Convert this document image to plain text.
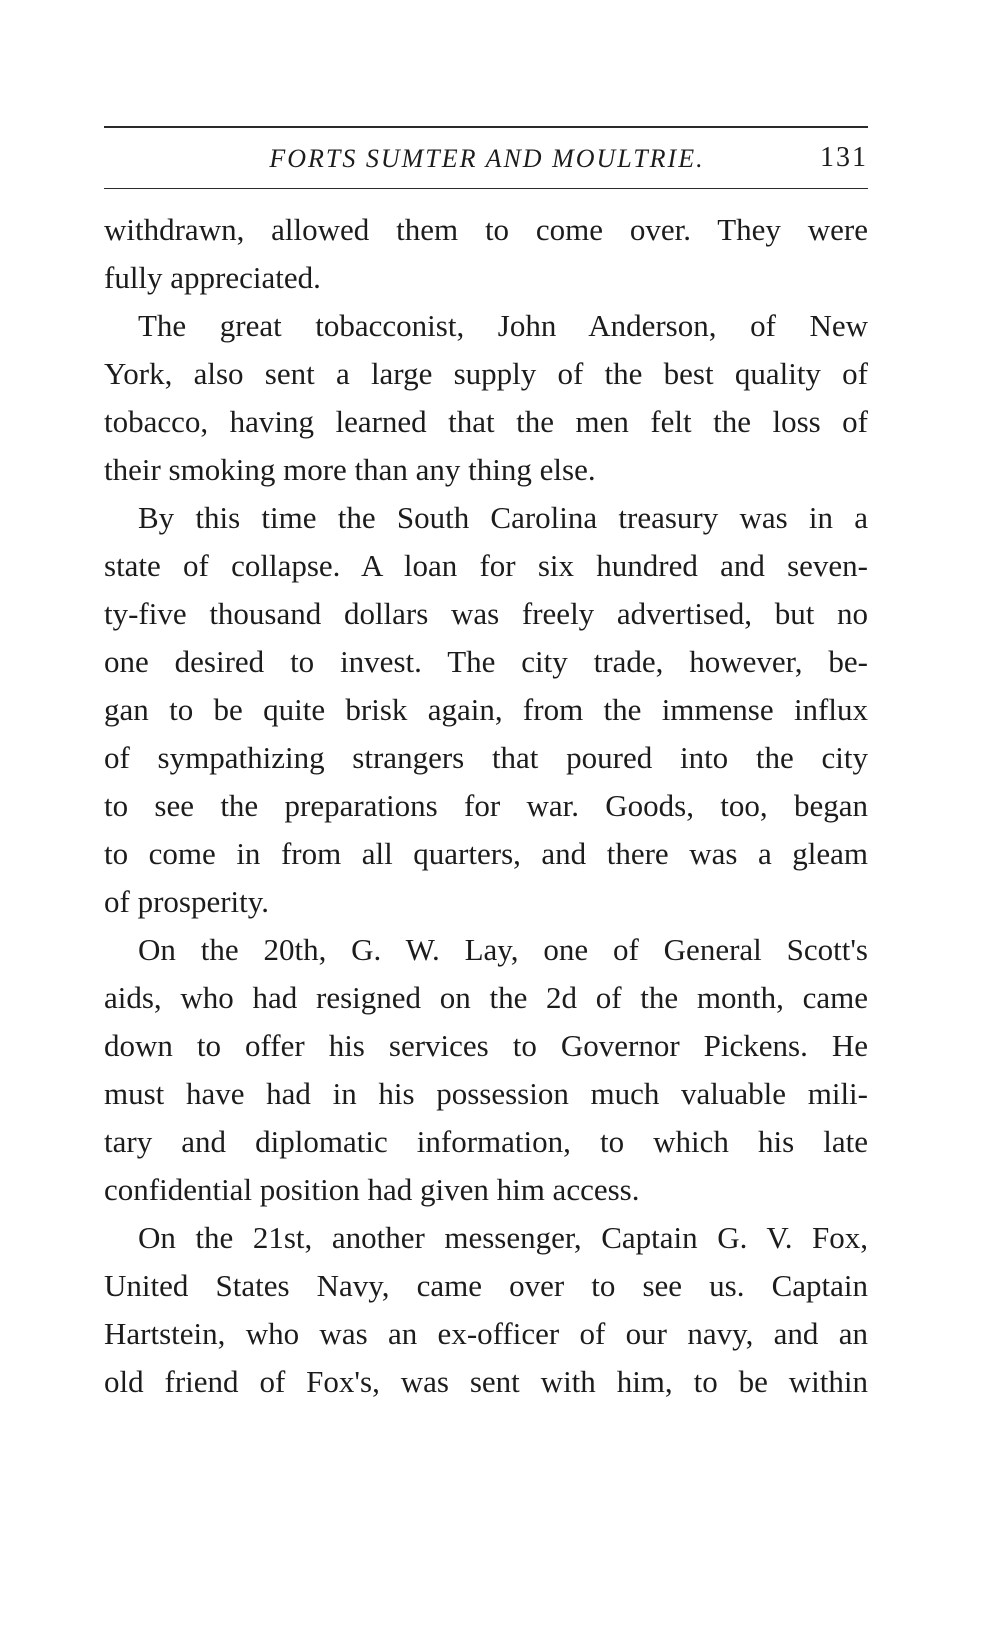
FORTS SUMTER AND MOULTRIE.	131
withdrawn, allowed them to come over. They were
fully appreciated.
The great tobacconist, John Anderson, of New
York, also sent a large supply of the best quality of
tobacco, having learned that the men felt the loss of
their smoking more than any thing else.
By this time the South Carolina treasury was in a
state of collapse. A loan for six hundred and seven-
ty-five thousand dollars was freely advertised, but no
one desired to invest. The city trade, however, be-
gan to be quite brisk again, from the immense influx
of sympathizing strangers that poured into the city
to see the preparations for war. Goods, too, began
to come in from all quarters, and there was a gleam
of prosperity.
On the 20th, G. W. Lay, one of General Scott's
aids, who had resigned on the 2d of the month, came
down to offer his services to Governor Pickens. He
must have had in his possession much valuable mili-
tary and diplomatic information, to which his late
confidential position had given him access.
On the 21st, another messenger, Captain G. V. Fox,
United States Navy, came over to see us. Captain
Hartstein, who was an ex-officer of our navy, and an
old friend of Fox's, was sent with him, to be within
